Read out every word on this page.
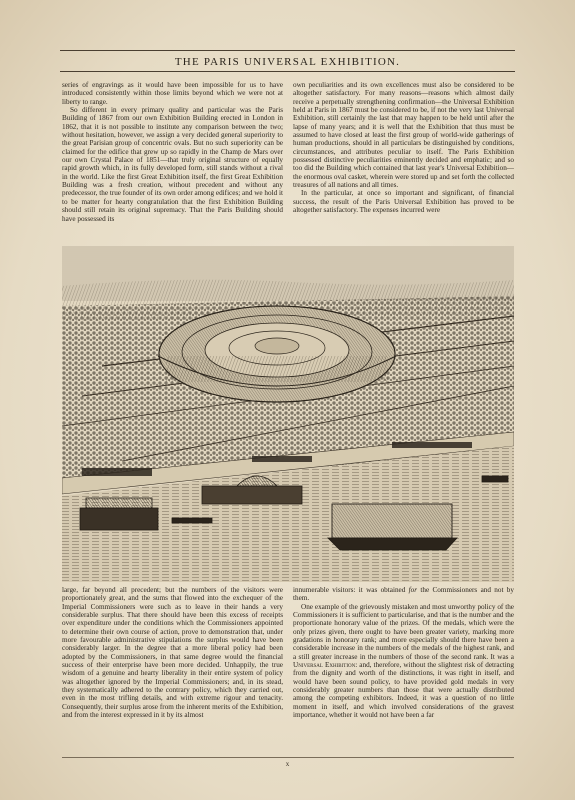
THE PARIS UNIVERSAL EXHIBITION.

series of engravings as it would have been impossible for us to have introduced consistently within those limits beyond which we were not at liberty to range.

So different in every primary quality and particular was the Paris Building of 1867 from our own Exhibition Building erected in London in 1862, that it is not possible to institute any comparison between the two; without hesitation, however, we assign a very decided general superiority to the great Parisian group of concentric ovals. But no such superiority can be claimed for the edifice that grew up so rapidly in the Champ de Mars over our own Crystal Palace of 1851—that truly original structure of equally rapid growth which, in its fully developed form, still stands without a rival in the world. Like the first Great Exhibition itself, the first Great Exhibition Building was a fresh creation, without precedent and without any predecessor, the true founder of its own order among edifices; and we hold it to be matter for hearty congratulation that the first Exhibition Building should still retain its original supremacy. That the Paris Building should have possessed its

own peculiarities and its own excellences must also be considered to be altogether satisfactory. For many reasons—reasons which almost daily receive a perpetually strengthening confirmation—the Universal Exhibition held at Paris in 1867 must be considered to be, if not the very last Universal Exhibition, still certainly the last that may happen to be held until after the lapse of many years; and it is well that the Exhibition that thus must be assumed to have closed at least the first group of world-wide gatherings of human productions, should in all particulars be distinguished by conditions, circumstances, and attributes peculiar to itself. The Paris Exhibition possessed distinctive peculiarities eminently decided and emphatic; and so too did the Building which contained that last year's Universal Exhibition—the enormous oval casket, wherein were stored up and set forth the collected treasures of all nations and all times.

In the particular, at once so important and significant, of financial success, the result of the Paris Universal Exhibition has proved to be altogether satisfactory. The expenses incurred were

large, far beyond all precedent; but the numbers of the visitors were proportionately great, and the sums that flowed into the exchequer of the Imperial Commissioners were such as to leave in their hands a very considerable surplus. That there should have been this excess of receipts over expenditure under the conditions which the Commissioners appointed to determine their own course of action, prove to demonstration that, under more favourable administrative stipulations the surplus would have been considerably larger. In the degree that a more liberal policy had been adopted by the Commissioners, in that same degree would the financial success of their enterprise have been more decided. Unhappily, the true wisdom of a genuine and hearty liberality in their entire system of policy was altogether ignored by the Imperial Commissioners; and, in its stead, they systematically adhered to the contrary policy, which they carried out, even in the most trifling details, and with extreme rigour and tenacity. Consequently, their surplus arose from the inherent merits of the Exhibition, and from the interest expressed in it by its almost

innumerable visitors: it was obtained for the Commissioners and not by them.

One example of the grievously mistaken and most unworthy policy of the Commissioners it is sufficient to particularise, and that is the number and the proportionate honorary value of the prizes. Of the medals, which were the only prizes given, there ought to have been greater variety, marking more gradations in honorary rank; and more especially should there have been a considerable increase in the numbers of the medals of the highest rank, and a still greater increase in the numbers of those of the second rank. It was a Universal Exhibition: and, therefore, without the slightest risk of detracting from the dignity and worth of the distinctions, it was right in itself, and would have been sound policy, to have provided gold medals in very considerably greater numbers than those that were actually distributed among the competing exhibitors. Indeed, it was a question of no little moment in itself, and which involved considerations of the gravest importance, whether it would not have been a far

x
